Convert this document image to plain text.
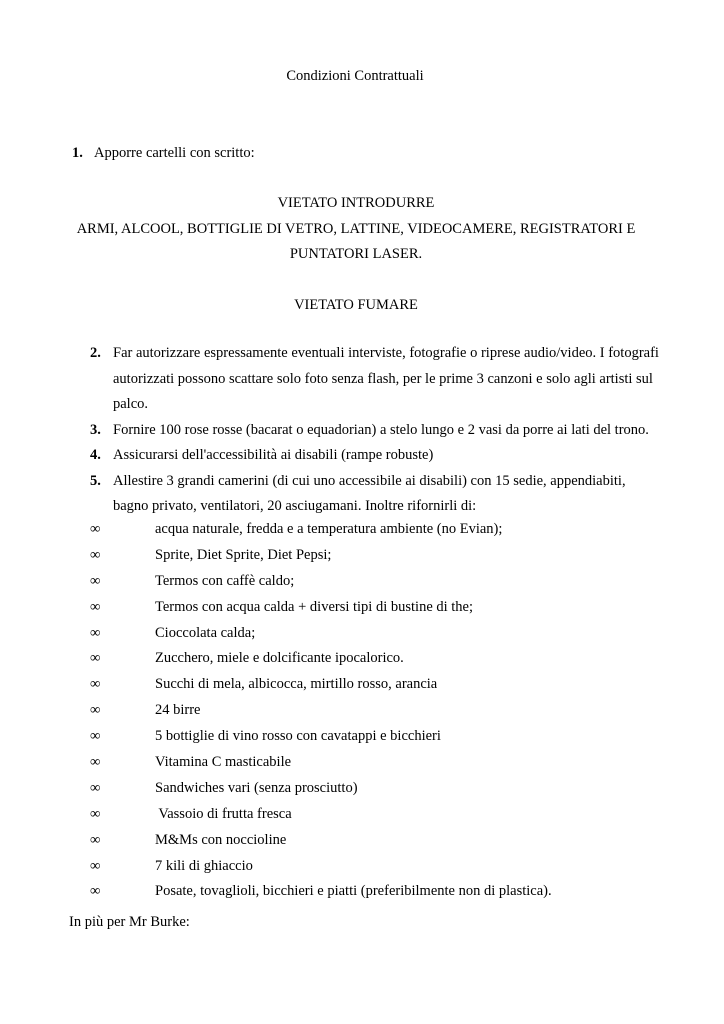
Condizioni Contrattuali
1. Apporre cartelli con scritto:
VIETATO INTRODURRE
ARMI, ALCOOL, BOTTIGLIE DI VETRO, LATTINE, VIDEOCAMERE, REGISTRATORI E
PUNTATORI LASER.
VIETATO FUMARE
2. Far autorizzare espressamente eventuali interviste, fotografie o riprese audio/video. I fotografi autorizzati possono scattare solo foto senza flash, per le prime 3 canzoni e solo agli artisti sul palco.
3. Fornire 100 rose rosse (bacarat o equadorian) a stelo lungo e 2 vasi da porre ai lati del trono.
4. Assicurarsi dell'accessibilità ai disabili (rampe robuste)
5. Allestire 3 grandi camerini (di cui uno accessibile ai disabili) con 15 sedie, appendiabiti, bagno privato, ventilatori, 20 asciugamani. Inoltre rifornirli di:
∞	acqua naturale, fredda e a temperatura ambiente (no Evian);
∞	Sprite, Diet Sprite, Diet Pepsi;
∞	Termos con caffè caldo;
∞	Termos con acqua calda + diversi tipi di bustine di the;
∞	Cioccolata calda;
∞	Zucchero, miele e dolcificante ipocalorico.
∞	Succhi di mela, albicocca, mirtillo rosso, arancia
∞	24 birre
∞	5 bottiglie di vino rosso con cavatappi e bicchieri
∞	Vitamina C masticabile
∞	Sandwiches vari (senza prosciutto)
∞	Vassoio di frutta fresca
∞	M&Ms con noccioline
∞	7 kili di ghiaccio
∞	Posate, tovaglioli, bicchieri e piatti (preferibilmente non di plastica).
In più per Mr Burke:
